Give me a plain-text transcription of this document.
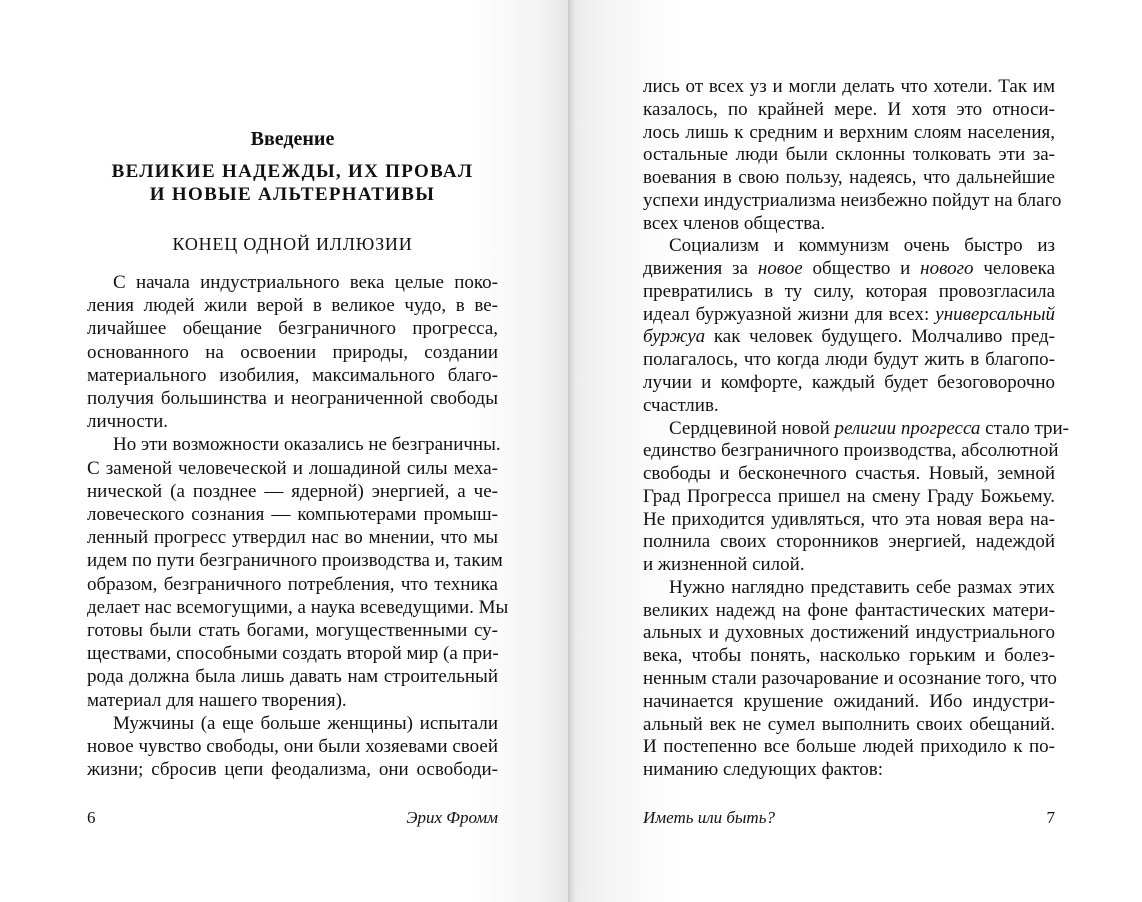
Введение
ВЕЛИКИЕ НАДЕЖДЫ, ИХ ПРОВАЛ
И НОВЫЕ АЛЬТЕРНАТИВЫ
КОНЕЦ ОДНОЙ ИЛЛЮЗИИ
С начала индустриального века целые поко-
ления людей жили верой в великое чудо, в ве-
личайшее обещание безграничного прогресса,
основанного на освоении природы, создании
материального изобилия, максимального благо-
получия большинства и неограниченной свободы
личности.
Но эти возможности оказались не безграничны.
С заменой человеческой и лошадиной силы меха-
нической (а позднее — ядерной) энергией, а че-
ловеческого сознания — компьютерами промыш-
ленный прогресс утвердил нас во мнении, что мы
идем по пути безграничного производства и, таким
образом, безграничного потребления, что техника
делает нас всемогущими, а наука всеведущими. Мы
готовы были стать богами, могущественными су-
ществами, способными создать второй мир (а при-
рода должна была лишь давать нам строительный
материал для нашего творения).
Мужчины (а еще больше женщины) испытали
новое чувство свободы, они были хозяевами своей
жизни; сбросив цепи феодализма, они освободи-
6	Эрих Фромм
лись от всех уз и могли делать что хотели. Так им
казалось, по крайней мере. И хотя это относи-
лось лишь к средним и верхним слоям населения,
остальные люди были склонны толковать эти за-
воевания в свою пользу, надеясь, что дальнейшие
успехи индустриализма неизбежно пойдут на благо
всех членов общества.
Социализм и коммунизм очень быстро из
движения за новое общество и нового человека
превратились в ту силу, которая провозгласила
идеал буржуазной жизни для всех: универсальный
буржуа как человек будущего. Молчаливо пред-
полагалось, что когда люди будут жить в благопо-
лучии и комфорте, каждый будет безоговорочно
счастлив.
Сердцевиной новой религии прогресса стало три-
единство безграничного производства, абсолютной
свободы и бесконечного счастья. Новый, земной
Град Прогресса пришел на смену Граду Божьему.
Не приходится удивляться, что эта новая вера на-
полнила своих сторонников энергией, надеждой
и жизненной силой.
Нужно наглядно представить себе размах этих
великих надежд на фоне фантастических матери-
альных и духовных достижений индустриального
века, чтобы понять, насколько горьким и болез-
ненным стали разочарование и осознание того, что
начинается крушение ожиданий. Ибо индустри-
альный век не сумел выполнить своих обещаний.
И постепенно все больше людей приходило к по-
ниманию следующих фактов:
Иметь или быть?	7
